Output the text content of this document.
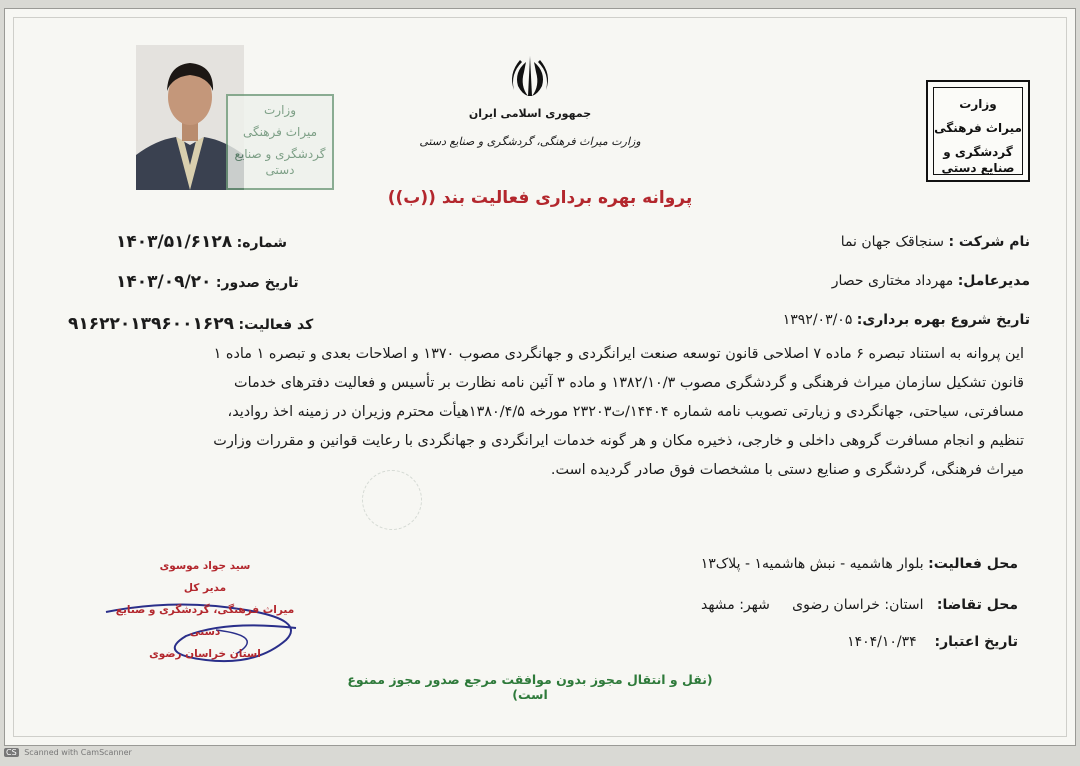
وزارت
میراث فرهنگی
گردشگری و صنایع دستی
جمهوری اسلامی ایران
وزارت میراث فرهنگی، گردشگری و صنایع دستی
وزارت
میراث فرهنگی
گردشگری و صنایع دستی
پروانه بهره برداری فعالیت بند ((ب))
شماره: ۱۴۰۳/۵۱/۶۱۲۸
تاریخ صدور: ۱۴۰۳/۰۹/۲۰
کد فعالیت: ۹۱۶۲۲۰۱۳۹۶۰۰۱۶۲۹
نام شرکت : سنجاقک جهان نما
مدیرعامل: مهرداد مختاری حصار
تاریخ شروع بهره برداری: ۱۳۹۲/۰۳/۰۵
این پروانه به استناد تبصره ۶ ماده ۷ اصلاحی قانون توسعه صنعت ایرانگردی و جهانگردی مصوب ۱۳۷۰ و اصلاحات بعدی و تبصره ۱ ماده ۱
قانون تشکیل سازمان میراث فرهنگی و گردشگری مصوب ۱۳۸۲/۱۰/۳ و ماده ۳ آئین نامه نظارت بر تأسیس و فعالیت دفترهای خدمات
مسافرتی، سیاحتی، جهانگردی و زیارتی تصویب نامه شماره ۱۴۴۰۴/ت۲۳۲۰۳ مورخه ۱۳۸۰/۴/۵هیأت محترم وزیران در زمینه اخذ روادید،
تنظیم و انجام مسافرت گروهی داخلی و خارجی، ذخیره مکان و هر گونه خدمات ایرانگردی و جهانگردی با رعایت قوانین و مقررات وزارت
میراث فرهنگی، گردشگری و صنایع دستی با مشخصات فوق صادر گردیده است.
محل فعالیت: بلوار هاشمیه - نبش هاشمیه۱ - پلاک۱۳
محل تقاضا:   استان: خراسان رضوی     شهر: مشهد
تاریخ اعتبار:    ۱۴۰۴/۱۰/۳۴
سید جواد موسوی
مدیر کل
میراث فرهنگی، گردشگری و صنایع دستی
استان خراسان رضوی
(نقل و انتقال مجوز بدون موافقت مرجع صدور مجوز ممنوع است)
CS Scanned with CamScanner
